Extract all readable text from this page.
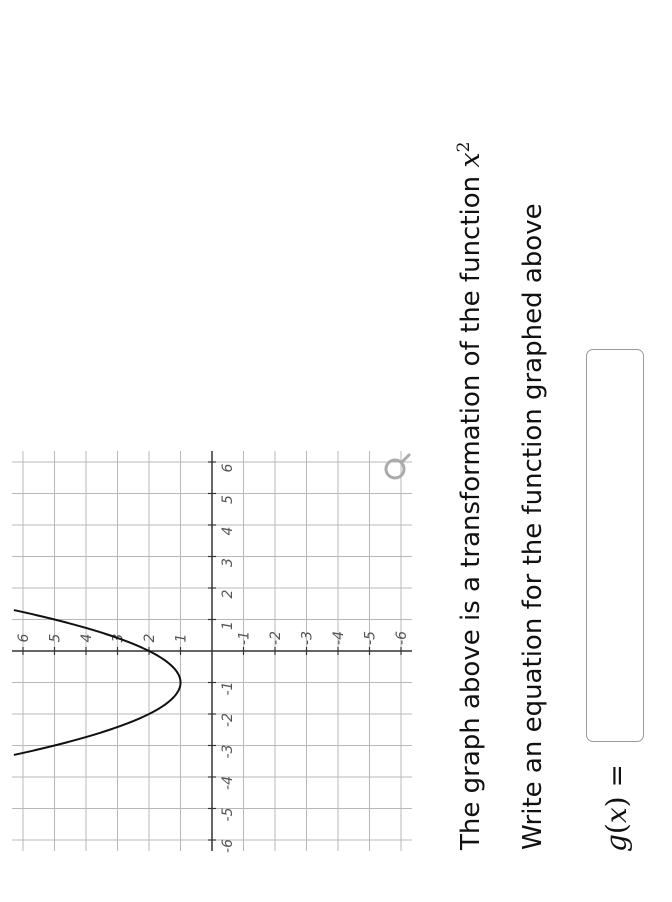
-6
-5
-4
-3
-2
-1
1
2
3
4
5
6
-6
-5
-4
-3
-2
-1
1
2
3
4
5
6	The graph above is a transformation of the function $x^2$
Write an equation for the function graphed above g(x) =
